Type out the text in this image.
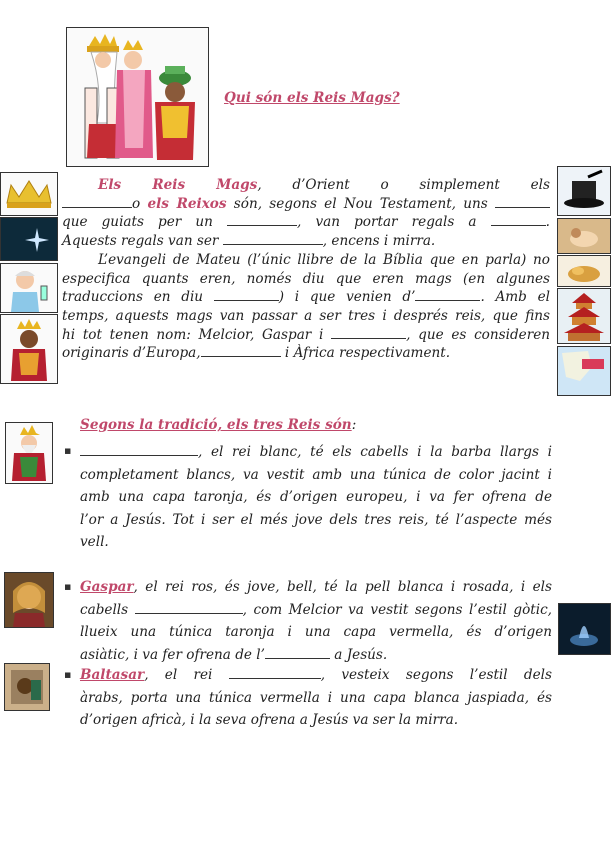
Qui són els Reis Mags?
Els Reis Mags, d’Orient o simplement els
o els Reixos són, segons el Nou Testament, uns
que guiats per un	, van portar regals a	.
Aquests regals van ser	, encens i mirra.
L’evangeli de Mateu (l’únic llibre de la Bíblia que en parla) no
especifica quants eren, només diu que eren mags (en algunes
traduccions en diu	) i que venien d’	. Amb el
temps, aquests mags van passar a ser tres i després reis, que fins
hi tot tenen nom: Melcior, Gaspar i	, que es consideren
originaris d’Europa,	i Àfrica respectivament.
Segons la tradició, els tres Reis són:
▪	, el rei blanc, té els cabells i la barba llargs i
completament blancs, va vestit amb una túnica de color jacint i
amb una capa taronja, és d’origen europeu, i va fer ofrena de
l’or a Jesús. Tot i ser el més jove dels tres reis, té l’aspecte més
vell.
▪ Gaspar, el rei ros, és jove, bell, té la pell blanca i rosada, i els
cabells	, com Melcior va vestit segons l’estil gòtic,
llueix una túnica taronja i una capa vermella, és d’origen
asiàtic, i va fer ofrena de l’	a Jesús.
▪ Baltasar, el rei	, vesteix segons l’estil dels
àrabs, porta una túnica vermella i una capa blanca jaspiada, és
d’origen africà, i la seva ofrena a Jesús va ser la mirra.
